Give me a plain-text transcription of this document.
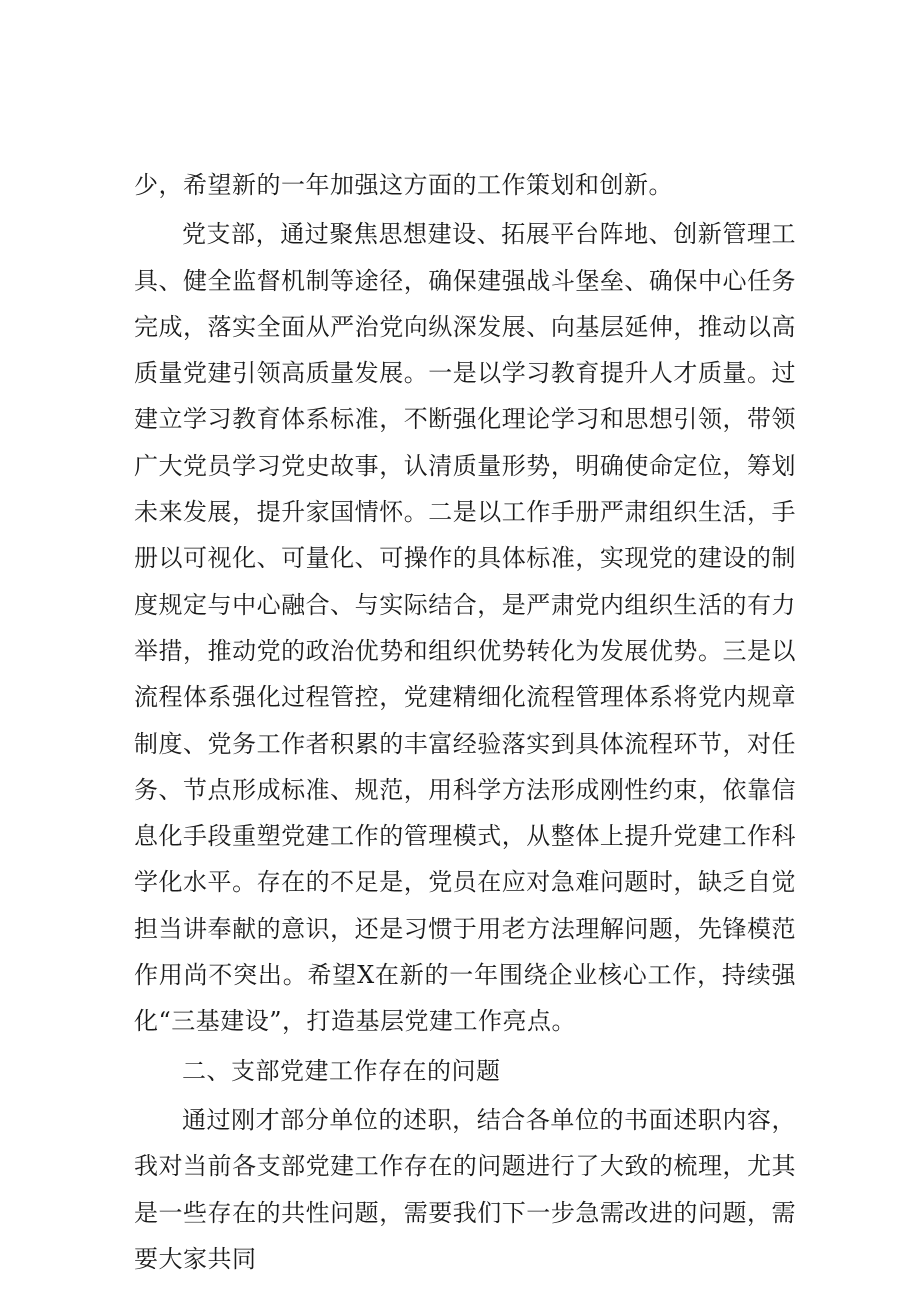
少，希望新的一年加强这方面的工作策划和创新。

党支部，通过聚焦思想建设、拓展平台阵地、创新管理工具、健全监督机制等途径，确保建强战斗堡垒、确保中心任务完成，落实全面从严治党向纵深发展、向基层延伸，推动以高质量党建引领高质量发展。一是以学习教育提升人才质量。过建立学习教育体系标准，不断强化理论学习和思想引领，带领广大党员学习党史故事，认清质量形势，明确使命定位，筹划未来发展，提升家国情怀。二是以工作手册严肃组织生活，手册以可视化、可量化、可操作的具体标准，实现党的建设的制度规定与中心融合、与实际结合，是严肃党内组织生活的有力举措，推动党的政治优势和组织优势转化为发展优势。三是以流程体系强化过程管控，党建精细化流程管理体系将党内规章制度、党务工作者积累的丰富经验落实到具体流程环节，对任务、节点形成标准、规范，用科学方法形成刚性约束，依靠信息化手段重塑党建工作的管理模式，从整体上提升党建工作科学化水平。存在的不足是，党员在应对急难问题时，缺乏自觉担当讲奉献的意识，还是习惯于用老方法理解问题，先锋模范作用尚不突出。希望X在新的一年围绕企业核心工作，持续强化“三基建设”，打造基层党建工作亮点。

二、支部党建工作存在的问题

通过刚才部分单位的述职，结合各单位的书面述职内容，我对当前各支部党建工作存在的问题进行了大致的梳理，尤其是一些存在的共性问题，需要我们下一步急需改进的问题，需要大家共同
